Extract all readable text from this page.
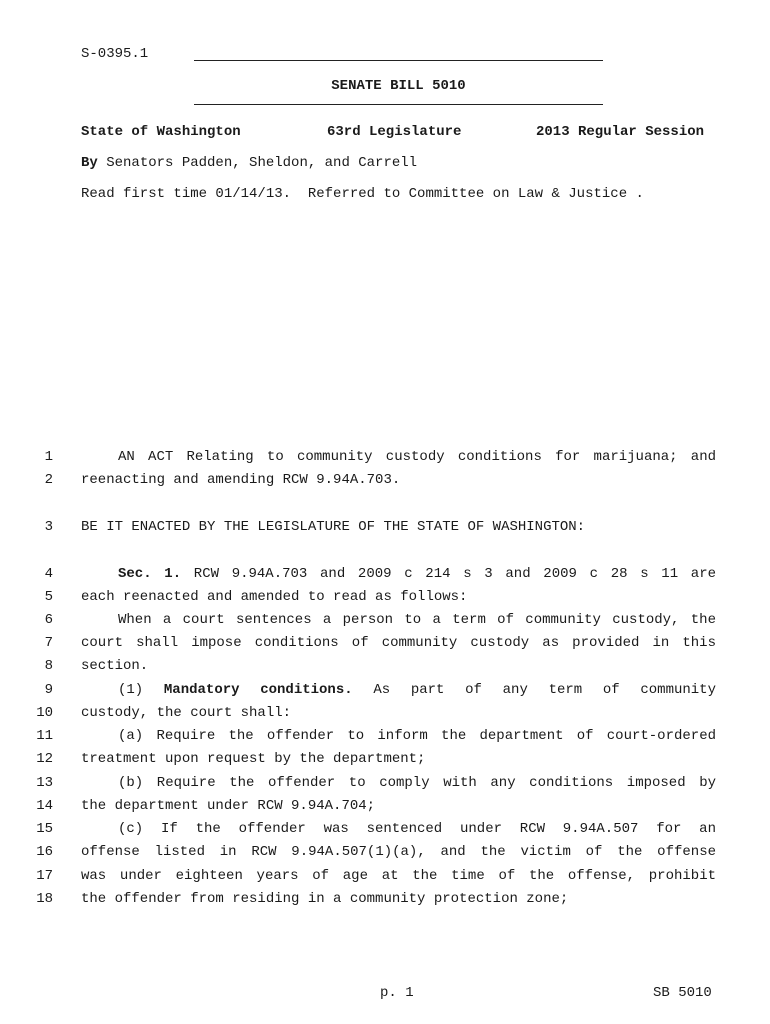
S-0395.1
SENATE BILL 5010
State of Washington	63rd Legislature	2013 Regular Session
By Senators Padden, Sheldon, and Carrell
Read first time 01/14/13.  Referred to Committee on Law & Justice .
1	AN ACT Relating to community custody conditions for marijuana; and
2 reenacting and amending RCW 9.94A.703.
3 BE IT ENACTED BY THE LEGISLATURE OF THE STATE OF WASHINGTON:
4	Sec. 1. RCW 9.94A.703 and 2009 c 214 s 3 and 2009 c 28 s 11 are
5 each reenacted and amended to read as follows:
6	When a court sentences a person to a term of community custody, the
7 court shall impose conditions of community custody as provided in this
8 section.
9	(1) Mandatory conditions. As part of any term of community
10 custody, the court shall:
11	(a) Require the offender to inform the department of court-ordered
12 treatment upon request by the department;
13	(b) Require the offender to comply with any conditions imposed by
14 the department under RCW 9.94A.704;
15	(c) If the offender was sentenced under RCW 9.94A.507 for an
16 offense listed in RCW 9.94A.507(1)(a), and the victim of the offense
17 was under eighteen years of age at the time of the offense, prohibit
18 the offender from residing in a community protection zone;
p. 1	SB 5010
